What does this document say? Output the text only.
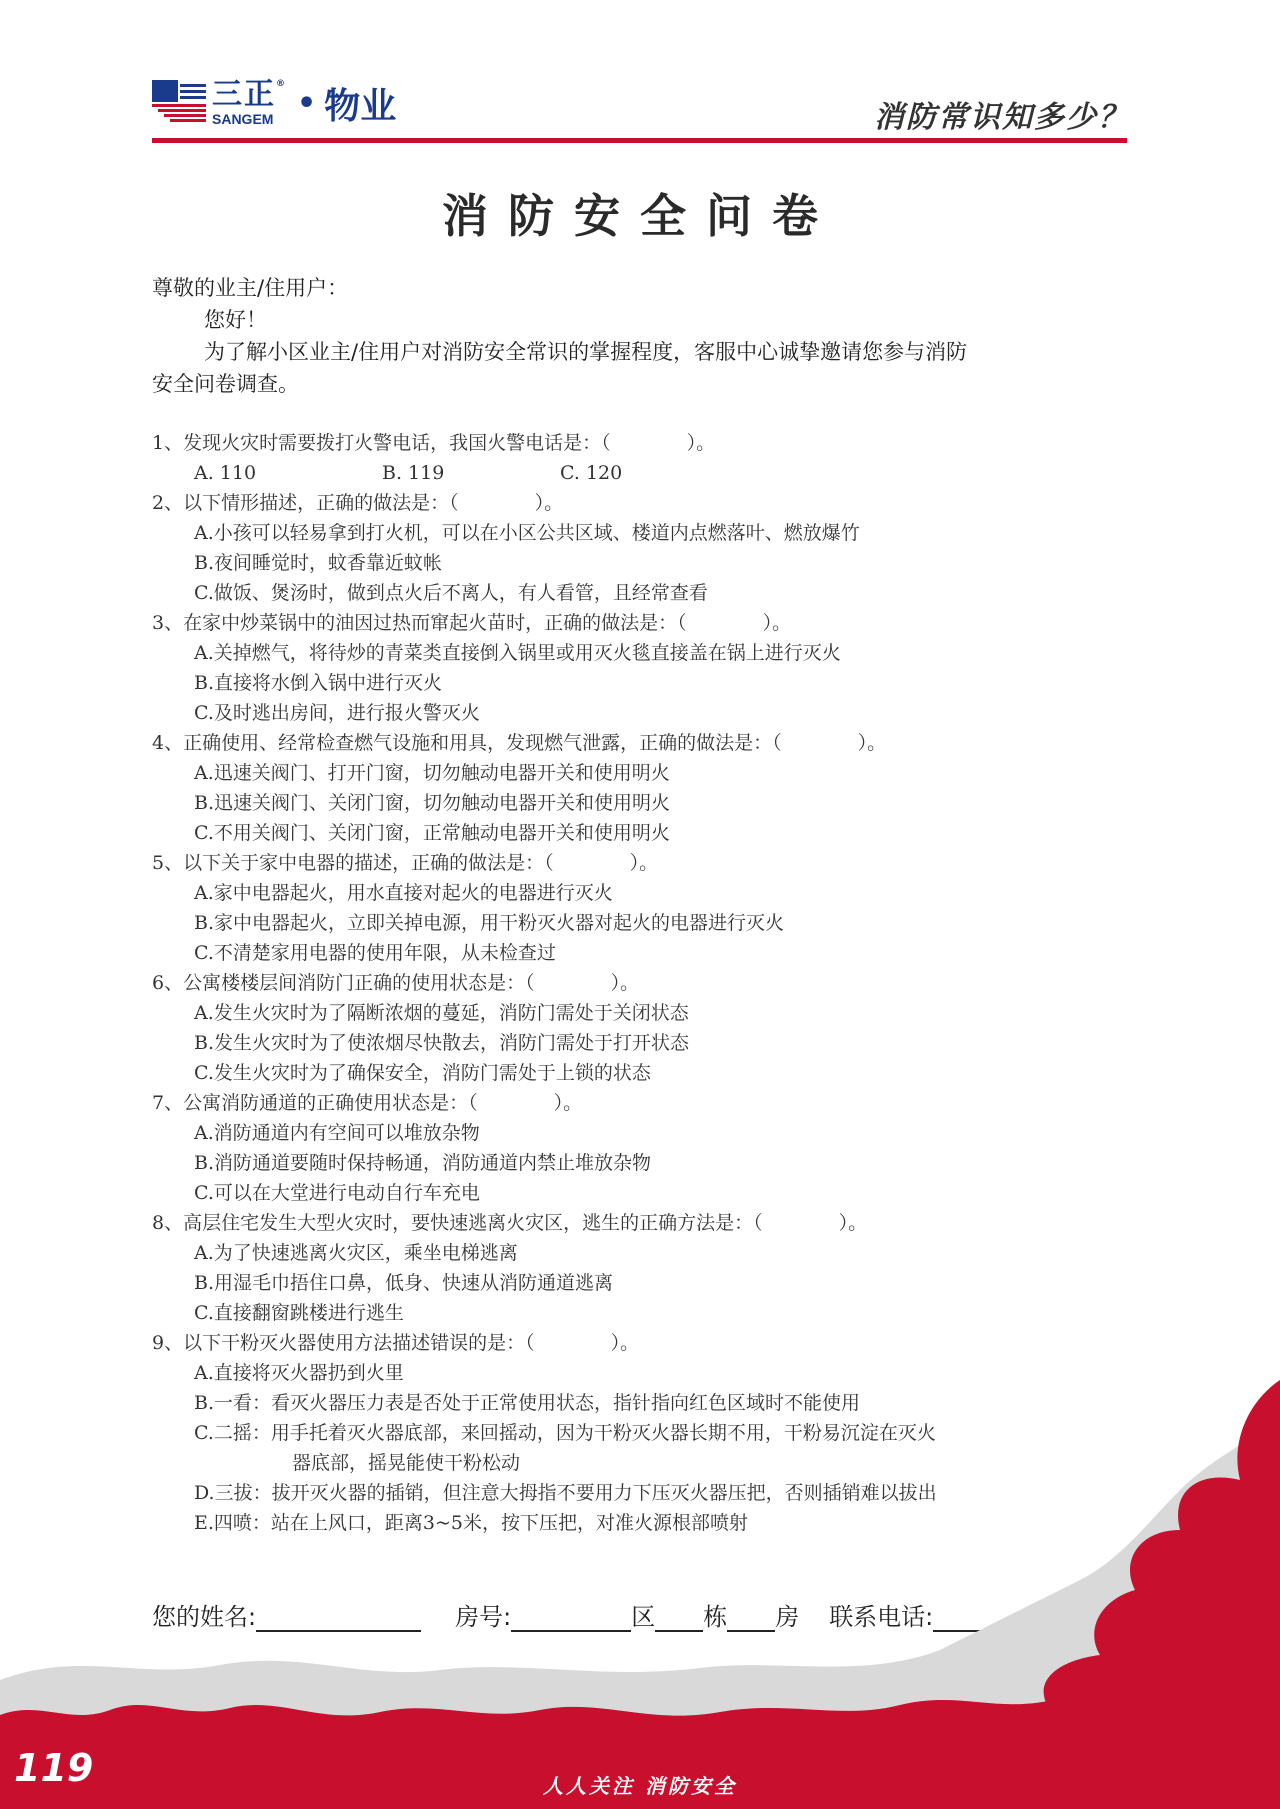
三正®
SANGEM • 物业	消防常识知多少？
消防安全问卷

尊敬的业主/住用户：

您好！

为了解小区业主/住用户对消防安全常识的掌握程度，客服中心诚挚邀请您参与消防

安全问卷调查。

1、发现火灾时需要拨打火警电话，我国火警电话是：（　　　　）。

A. 110	B. 119	C. 120

2、以下情形描述，正确的做法是：（　　　　）。

A.小孩可以轻易拿到打火机，可以在小区公共区域、楼道内点燃落叶、燃放爆竹

B.夜间睡觉时，蚊香靠近蚊帐

C.做饭、煲汤时，做到点火后不离人，有人看管，且经常查看

3、在家中炒菜锅中的油因过热而窜起火苗时，正确的做法是：（　　　　）。

A.关掉燃气，将待炒的青菜类直接倒入锅里或用灭火毯直接盖在锅上进行灭火

B.直接将水倒入锅中进行灭火

C.及时逃出房间，进行报火警灭火

4、正确使用、经常检查燃气设施和用具，发现燃气泄露，正确的做法是：（　　　　）。

A.迅速关阀门、打开门窗，切勿触动电器开关和使用明火

B.迅速关阀门、关闭门窗，切勿触动电器开关和使用明火

C.不用关阀门、关闭门窗，正常触动电器开关和使用明火

5、以下关于家中电器的描述，正确的做法是：（　　　　）。

A.家中电器起火，用水直接对起火的电器进行灭火

B.家中电器起火，立即关掉电源，用干粉灭火器对起火的电器进行灭火

C.不清楚家用电器的使用年限，从未检查过

6、公寓楼楼层间消防门正确的使用状态是：（　　　　）。

A.发生火灾时为了隔断浓烟的蔓延，消防门需处于关闭状态

B.发生火灾时为了使浓烟尽快散去，消防门需处于打开状态

C.发生火灾时为了确保安全，消防门需处于上锁的状态

7、公寓消防通道的正确使用状态是：（　　　　）。

A.消防通道内有空间可以堆放杂物

B.消防通道要随时保持畅通，消防通道内禁止堆放杂物

C.可以在大堂进行电动自行车充电

8、高层住宅发生大型火灾时，要快速逃离火灾区，逃生的正确方法是：（　　　　）。

A.为了快速逃离火灾区，乘坐电梯逃离

B.用湿毛巾捂住口鼻，低身、快速从消防通道逃离

C.直接翻窗跳楼进行逃生

9、以下干粉灭火器使用方法描述错误的是：（　　　　）。

A.直接将灭火器扔到火里

B.一看：看灭火器压力表是否处于正常使用状态，指针指向红色区域时不能使用

C.二摇：用手托着灭火器底部，来回摇动，因为干粉灭火器长期不用，干粉易沉淀在灭火

器底部，摇晃能使干粉松动

D.三拔：拔开灭火器的插销，但注意大拇指不要用力下压灭火器压把，否则插销难以拔出

E.四喷：站在上风口，距离3~5米，按下压把，对准火源根部喷射

您的姓名:	房号:	区 栋 房 联系电话:
119	人人关注 消防安全
